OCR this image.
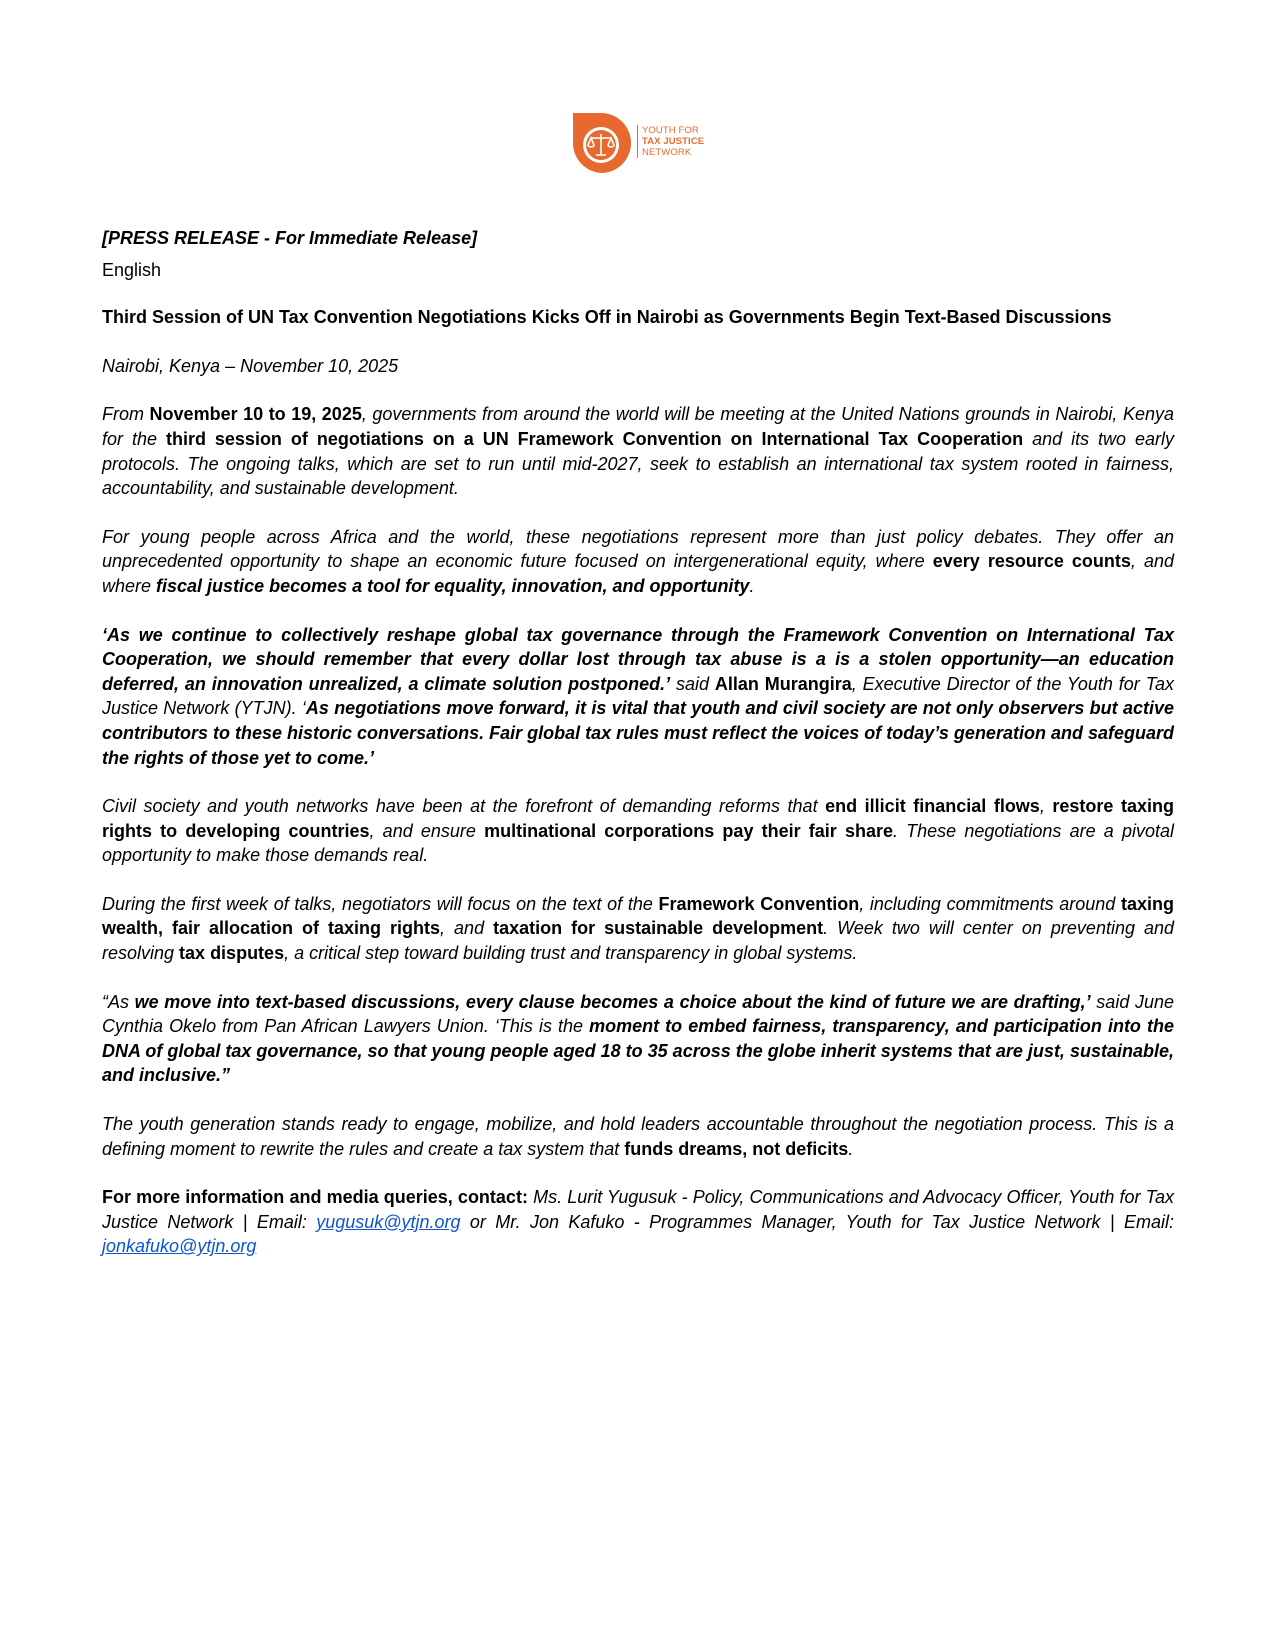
YOUTH FOR
TAX JUSTICE
NETWORK

[PRESS RELEASE - For Immediate Release]

English

Third Session of UN Tax Convention Negotiations Kicks Off in Nairobi as Governments Begin Text-Based Discussions

Nairobi, Kenya – November 10, 2025

From November 10 to 19, 2025, governments from around the world will be meeting at the United Nations grounds in Nairobi, Kenya for the third session of negotiations on a UN Framework Convention on International Tax Cooperation and its two early protocols. The ongoing talks, which are set to run until mid-2027, seek to establish an international tax system rooted in fairness, accountability, and sustainable development.

For young people across Africa and the world, these negotiations represent more than just policy debates. They offer an unprecedented opportunity to shape an economic future focused on intergenerational equity, where every resource counts, and where fiscal justice becomes a tool for equality, innovation, and opportunity.

‘As we continue to collectively reshape global tax governance through the Framework Convention on International Tax Cooperation, we should remember that every dollar lost through tax abuse is a is a stolen opportunity—an education deferred, an innovation unrealized, a climate solution postponed.’ said Allan Murangira, Executive Director of the Youth for Tax Justice Network (YTJN). ‘As negotiations move forward, it is vital that youth and civil society are not only observers but active contributors to these historic conversations. Fair global tax rules must reflect the voices of today’s generation and safeguard the rights of those yet to come.’

Civil society and youth networks have been at the forefront of demanding reforms that end illicit financial flows, restore taxing rights to developing countries, and ensure multinational corporations pay their fair share. These negotiations are a pivotal opportunity to make those demands real.

During the first week of talks, negotiators will focus on the text of the Framework Convention, including commitments around taxing wealth, fair allocation of taxing rights, and taxation for sustainable development. Week two will center on preventing and resolving tax disputes, a critical step toward building trust and transparency in global systems.

“As we move into text-based discussions, every clause becomes a choice about the kind of future we are drafting,’ said June Cynthia Okelo from Pan African Lawyers Union. ‘This is the moment to embed fairness, transparency, and participation into the DNA of global tax governance, so that young people aged 18 to 35 across the globe inherit systems that are just, sustainable, and inclusive.”

The youth generation stands ready to engage, mobilize, and hold leaders accountable throughout the negotiation process. This is a defining moment to rewrite the rules and create a tax system that funds dreams, not deficits.

For more information and media queries, contact: Ms. Lurit Yugusuk - Policy, Communications and Advocacy Officer, Youth for Tax Justice Network | Email: yugusuk@ytjn.org or Mr. Jon Kafuko - Programmes Manager, Youth for Tax Justice Network | Email: jonkafuko@ytjn.org
